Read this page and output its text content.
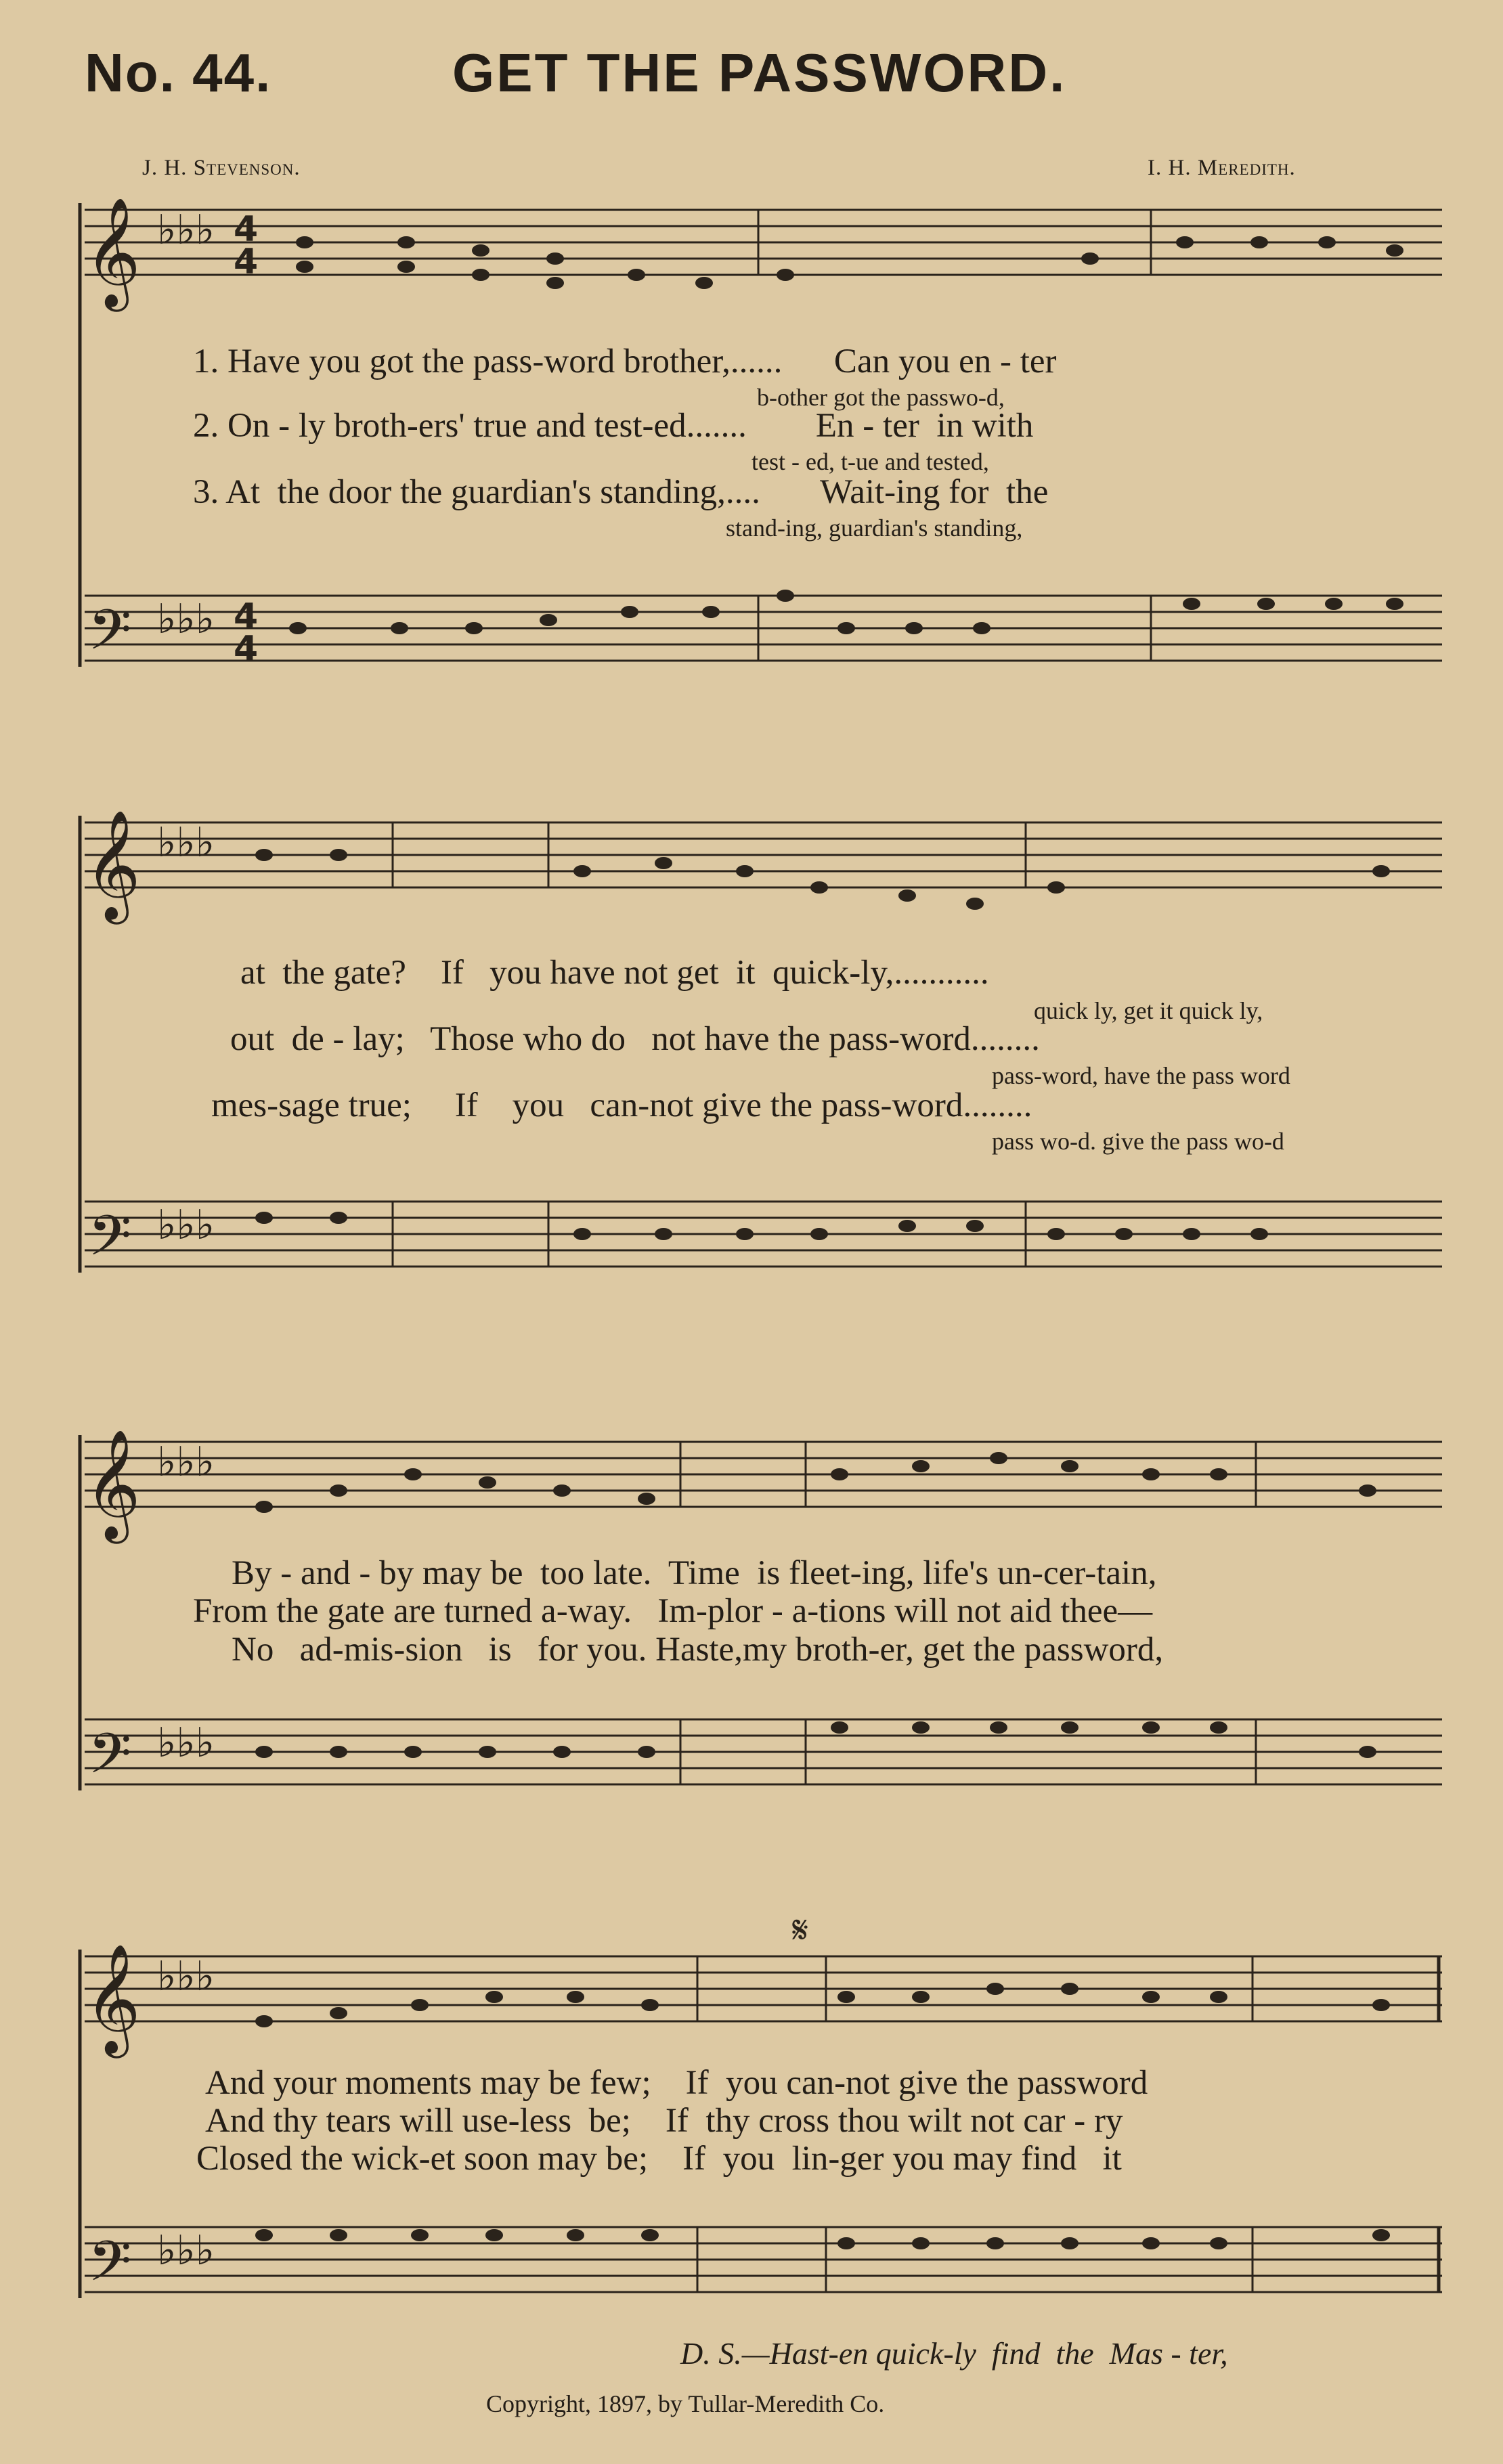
No. 44.	GET THE PASSWORD.
J. H. Stevenson.	I. H. Meredith.
𝄞
𝄢
𝄞
𝄢
𝄞
𝄢
𝄞
𝄢
♭♭♭
♭♭♭
♭♭♭
♭♭♭
♭♭♭
♭♭♭
♭♭♭
♭♭♭
4
4
4
4
𝄋
1. Have you got the pass-word brother,......      Can you en - ter
b-other got the passwo-d,
2. On - ly broth-ers' true and test-ed.......        En - ter  in with
test - ed, t-ue and tested,
3. At  the door the guardian's standing,....       Wait-ing for  the
stand-ing, guardian's standing,
at  the gate?    If   you have not get  it  quick-ly,...........
quick ly, get it quick ly,
out  de - lay;   Those who do   not have the pass-word........
pass-word, have the pass word
mes-sage true;     If    you   can-not give the pass-word........
pass wo-d. give the pass wo-d
By - and - by may be  too late.  Time  is fleet-ing, life's un-cer-tain,
From the gate are turned a-way.   Im-plor - a-tions will not aid thee—
No   ad-mis-sion   is   for you. Haste,my broth-er, get the password,
And your moments may be few;    If  you can-not give the password
And thy tears will use-less  be;    If  thy cross thou wilt not car - ry
Closed the wick-et soon may be;    If  you  lin-ger you may find   it
D. S.—Hast-en quick-ly  find  the  Mas - ter,
Copyright, 1897, by Tullar-Meredith Co.
